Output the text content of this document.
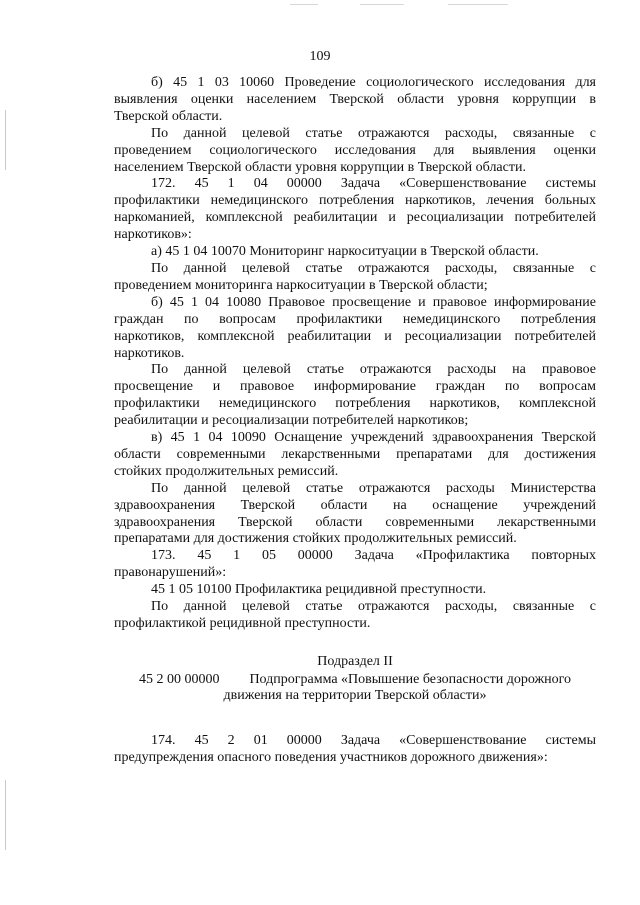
109

б) 45 1 03 10060 Проведение социологического исследования для

выявления оценки населением Тверской области уровня коррупции в

Тверской области.

По данной целевой статье отражаются расходы, связанные с

проведением социологического исследования для выявления оценки

населением Тверской области уровня коррупции в Тверской области.

172. 45 1 04 00000 Задача «Совершенствование системы

профилактики немедицинского потребления наркотиков, лечения больных

наркоманией, комплексной реабилитации и ресоциализации потребителей

наркотиков»:

а) 45 1 04 10070 Мониторинг наркоситуации в Тверской области.

По данной целевой статье отражаются расходы, связанные с

проведением мониторинга наркоситуации в Тверской области;

б) 45 1 04 10080 Правовое просвещение и правовое информирование

граждан по вопросам профилактики немедицинского потребления

наркотиков, комплексной реабилитации и ресоциализации потребителей

наркотиков.

По данной целевой статье отражаются расходы на правовое

просвещение и правовое информирование граждан по вопросам

профилактики немедицинского потребления наркотиков, комплексной

реабилитации и ресоциализации потребителей наркотиков;

в) 45 1 04 10090 Оснащение учреждений здравоохранения Тверской

области современными лекарственными препаратами для достижения

стойких продолжительных ремиссий.

По данной целевой статье отражаются расходы Министерства

здравоохранения Тверской области на оснащение учреждений

здравоохранения Тверской области современными лекарственными

препаратами для достижения стойких продолжительных ремиссий.

173. 45 1 05 00000 Задача «Профилактика повторных

правонарушений»:

45 1 05 10100 Профилактика рецидивной преступности.

По данной целевой статье отражаются расходы, связанные с

профилактикой рецидивной преступности.

Подраздел II

45 2 00 00000 Подпрограмма «Повышение безопасности дорожного

движения на территории Тверской области»

174. 45 2 01 00000 Задача «Совершенствование системы

предупреждения опасного поведения участников дорожного движения»:
